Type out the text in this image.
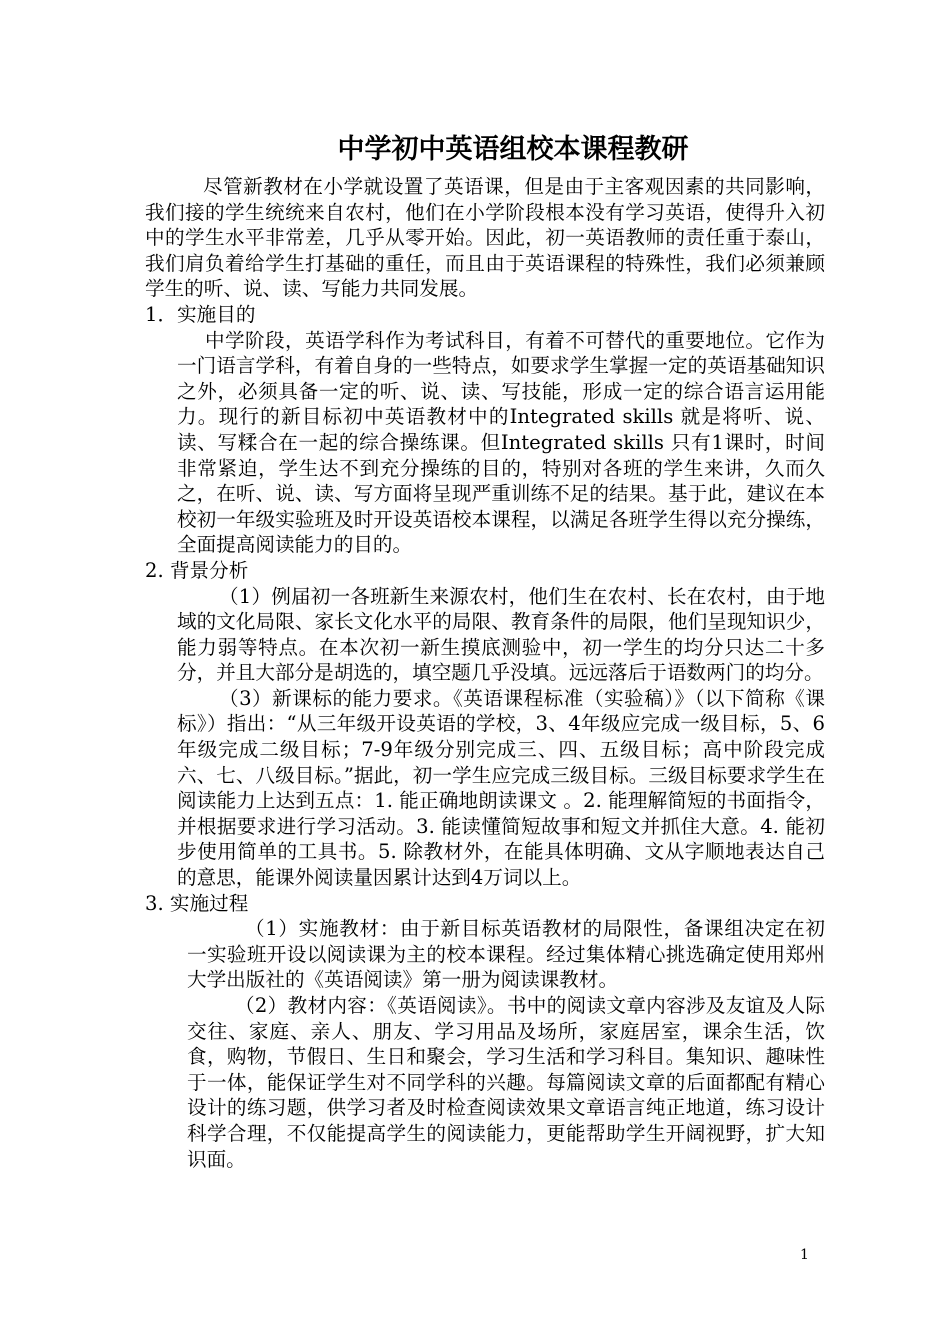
中学初中英语组校本课程教研

尽管新教材在小学就设置了英语课，但是由于主客观因素的共同影响，我们接的学生统统来自农村，他们在小学阶段根本没有学习英语，使得升入初中的学生水平非常差，几乎从零开始。因此，初一英语教师的责任重于泰山，我们肩负着给学生打基础的重任，而且由于英语课程的特殊性，我们必须兼顾学生的听、说、读、写能力共同发展。

1．实施目的

中学阶段，英语学科作为考试科目，有着不可替代的重要地位。它作为一门语言学科，有着自身的一些特点，如要求学生掌握一定的英语基础知识之外，必须具备一定的听、说、读、写技能，形成一定的综合语言运用能力。现行的新目标初中英语教材中的Integrated skills 就是将听、说、读、写糅合在一起的综合操练课。但Integrated skills 只有1课时，时间非常紧迫，学生达不到充分操练的目的，特别对各班的学生来讲，久而久之，在听、说、读、写方面将呈现严重训练不足的结果。基于此，建议在本校初一年级实验班及时开设英语校本课程，以满足各班学生得以充分操练，全面提高阅读能力的目的。

2. 背景分析

（1）例届初一各班新生来源农村，他们生在农村、长在农村，由于地域的文化局限、家长文化水平的局限、教育条件的局限，他们呈现知识少，能力弱等特点。在本次初一新生摸底测验中，初一学生的均分只达二十多分，并且大部分是胡选的，填空题几乎没填。远远落后于语数两门的均分。

（3）新课标的能力要求。《英语课程标准（实验稿）》（以下简称《课标》）指出：“从三年级开设英语的学校，3、4年级应完成一级目标，5、6年级完成二级目标；7-9年级分别完成三、四、五级目标；高中阶段完成六、七、八级目标。”据此，初一学生应完成三级目标。三级目标要求学生在阅读能力上达到五点：1. 能正确地朗读课文 。2. 能理解简短的书面指令，并根据要求进行学习活动。3. 能读懂简短故事和短文并抓住大意。4. 能初步使用简单的工具书。5. 除教材外，在能具体明确、文从字顺地表达自己的意思，能课外阅读量因累计达到4万词以上。

3. 实施过程

（1）实施教材：由于新目标英语教材的局限性，备课组决定在初一实验班开设以阅读课为主的校本课程。经过集体精心挑选确定使用郑州大学出版社的《英语阅读》第一册为阅读课教材。

（2）教材内容：《英语阅读》。书中的阅读文章内容涉及友谊及人际交往、家庭、亲人、朋友、学习用品及场所，家庭居室，课余生活，饮食，购物，节假日、生日和聚会，学习生活和学习科目。集知识、趣味性于一体，能保证学生对不同学科的兴趣。每篇阅读文章的后面都配有精心设计的练习题，供学习者及时检查阅读效果文章语言纯正地道，练习设计科学合理，不仅能提高学生的阅读能力，更能帮助学生开阔视野，扩大知识面。

1
